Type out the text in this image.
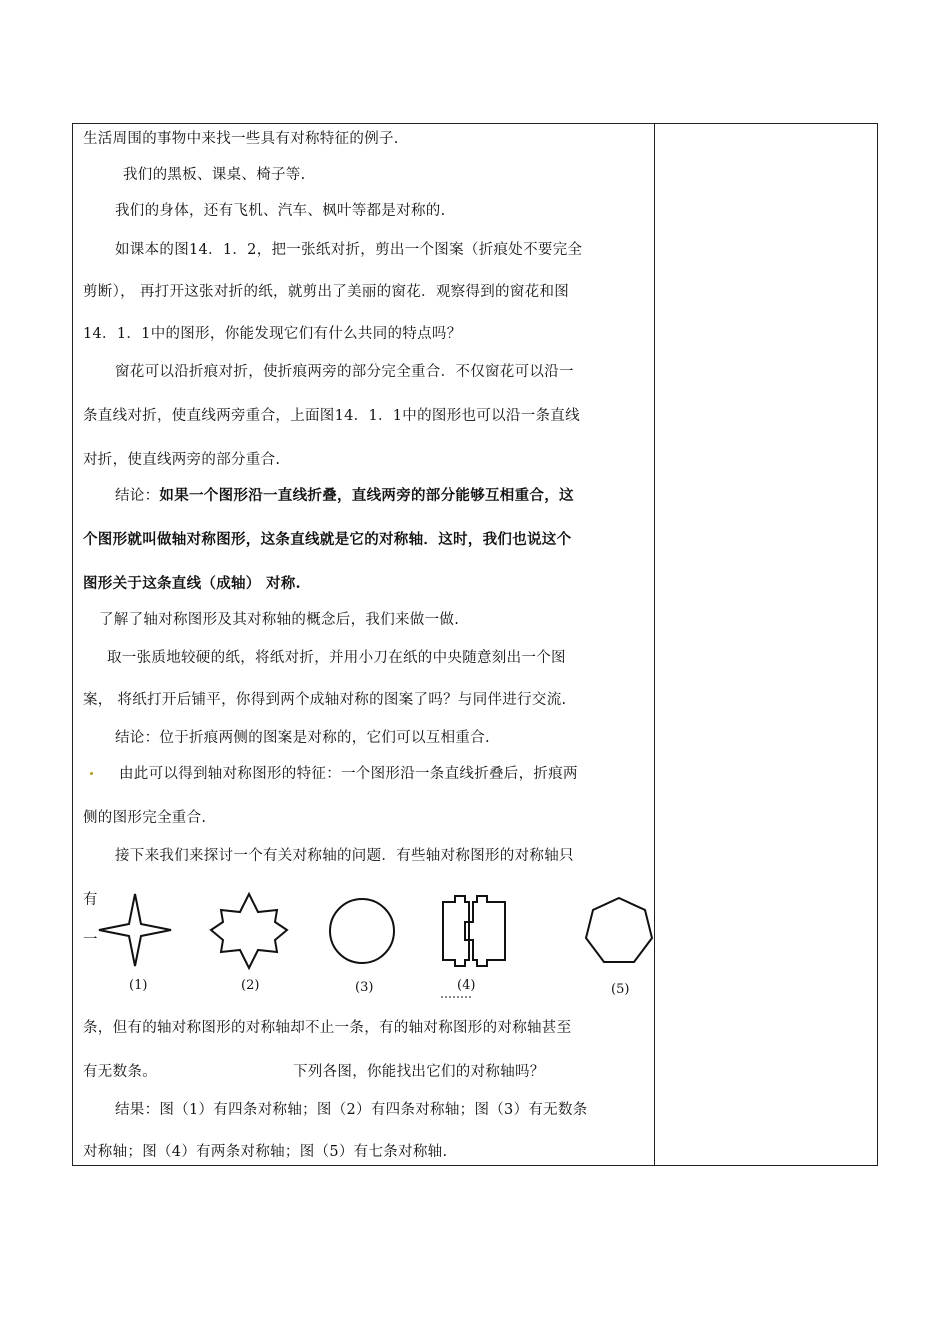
生活周围的事物中来找一些具有对称特征的例子.
我们的黑板、课桌、椅子等.
我们的身体，还有飞机、汽车、枫叶等都是对称的.
如课本的图14．1．2，把一张纸对折，剪出一个图案（折痕处不要完全
剪断）， 再打开这张对折的纸，就剪出了美丽的窗花．观察得到的窗花和图
14．1．1中的图形，你能发现它们有什么共同的特点吗？
窗花可以沿折痕对折，使折痕两旁的部分完全重合．不仅窗花可以沿一
条直线对折，使直线两旁重合，上面图14．1．1中的图形也可以沿一条直线
对折，使直线两旁的部分重合.
结论：如果一个图形沿一直线折叠，直线两旁的部分能够互相重合，这
个图形就叫做轴对称图形，这条直线就是它的对称轴．这时，我们也说这个
图形关于这条直线（成轴） 对称.
了解了轴对称图形及其对称轴的概念后，我们来做一做.
取一张质地较硬的纸，将纸对折，并用小刀在纸的中央随意刻出一个图
案， 将纸打开后铺平，你得到两个成轴对称的图案了吗？与同伴进行交流.
结论：位于折痕两侧的图案是对称的，它们可以互相重合.
由此可以得到轴对称图形的特征：一个图形沿一条直线折叠后，折痕两
侧的图形完全重合.
接下来我们来探讨一个有关对称轴的问题．有些轴对称图形的对称轴只
有
一
(1)	(2)	(3)	(4)	(5)
条，但有的轴对称图形的对称轴却不止一条，有的轴对称图形的对称轴甚至
有无数条。	下列各图，你能找出它们的对称轴吗？
结果：图（1）有四条对称轴；图（2）有四条对称轴；图（3）有无数条
对称轴；图（4）有两条对称轴；图（5）有七条对称轴.
